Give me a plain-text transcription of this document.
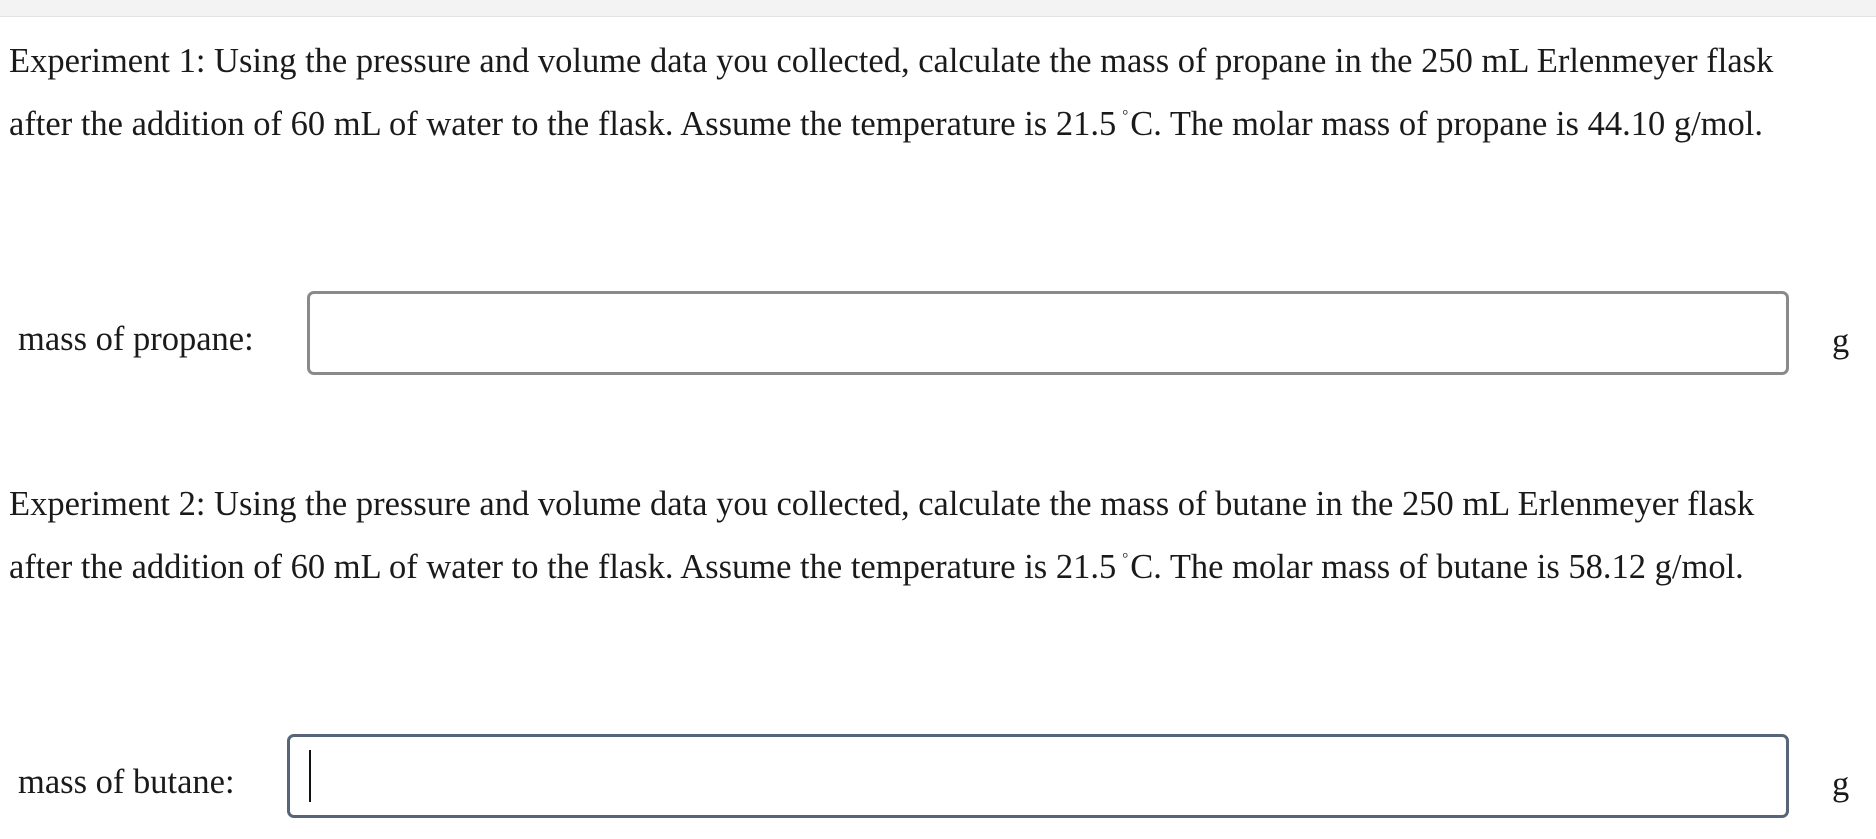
Experiment 1: Using the pressure and volume data you collected, calculate the mass of propane in the 250 mL Erlenmeyer flask
after the addition of 60 mL of water to the flask. Assume the temperature is 21.5 °C. The molar mass of propane is 44.10 g/mol.
mass of propane:	g
Experiment 2: Using the pressure and volume data you collected, calculate the mass of butane in the 250 mL Erlenmeyer flask
after the addition of 60 mL of water to the flask. Assume the temperature is 21.5 °C. The molar mass of butane is 58.12 g/mol.
mass of butane:	g
